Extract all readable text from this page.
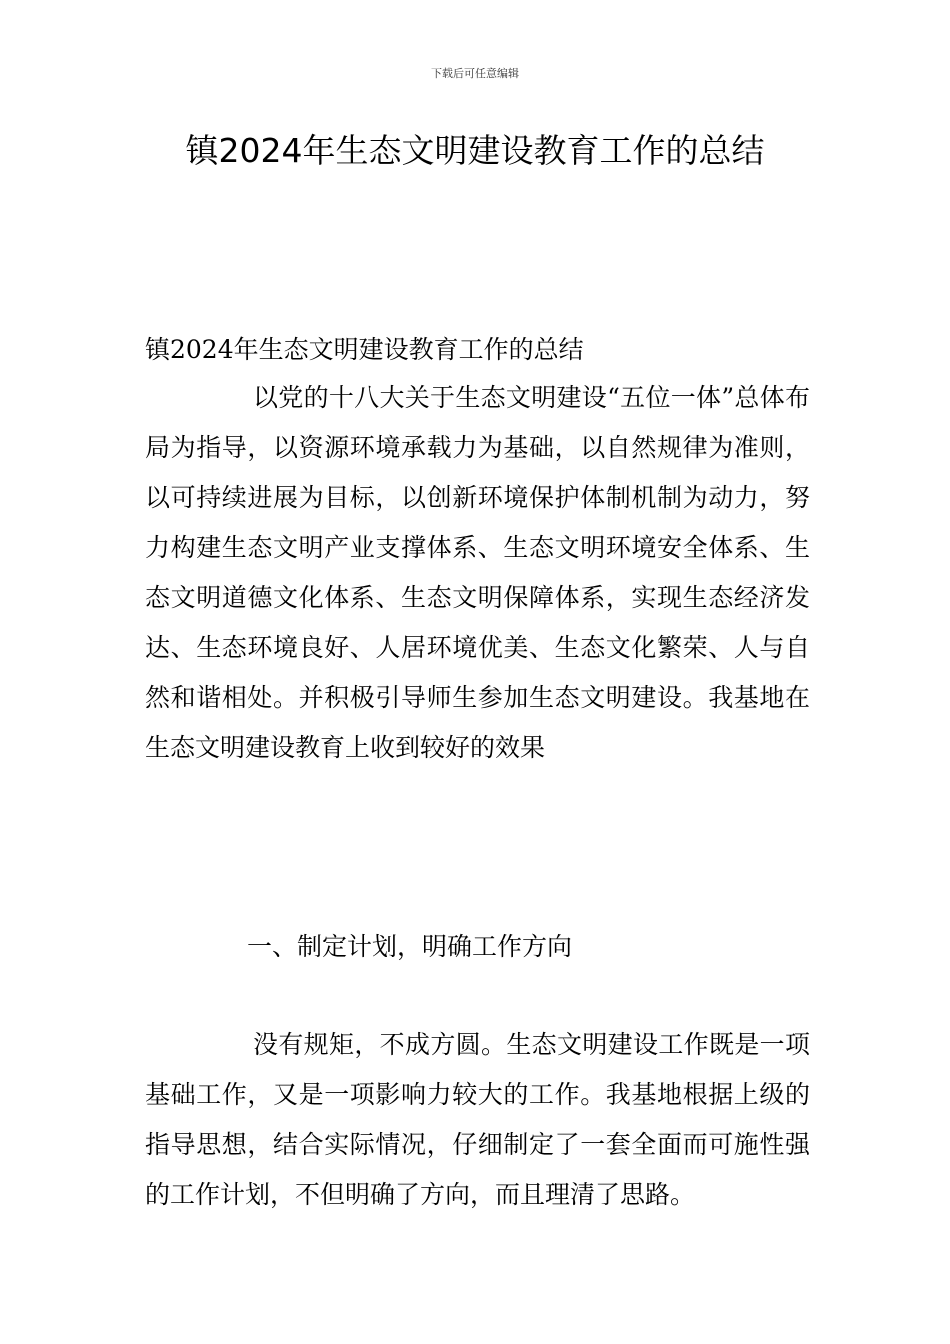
下载后可任意编辑
镇2024年生态文明建设教育工作的总结

镇2024年生态文明建设教育工作的总结

以党的十八大关于生态文明建设“五位一体”总体布局为指导，以资源环境承载力为基础，以自然规律为准则，以可持续进展为目标，以创新环境保护体制机制为动力，努力构建生态文明产业支撑体系、生态文明环境安全体系、生态文明道德文化体系、生态文明保障体系，实现生态经济发达、生态环境良好、人居环境优美、生态文化繁荣、人与自然和谐相处。并积极引导师生参加生态文明建设。我基地在生态文明建设教育上收到较好的效果

一、制定计划，明确工作方向

没有规矩，不成方圆。生态文明建设工作既是一项基础工作，又是一项影响力较大的工作。我基地根据上级的指导思想，结合实际情况，仔细制定了一套全面而可施性强的工作计划，不但明确了方向，而且理清了思路。
